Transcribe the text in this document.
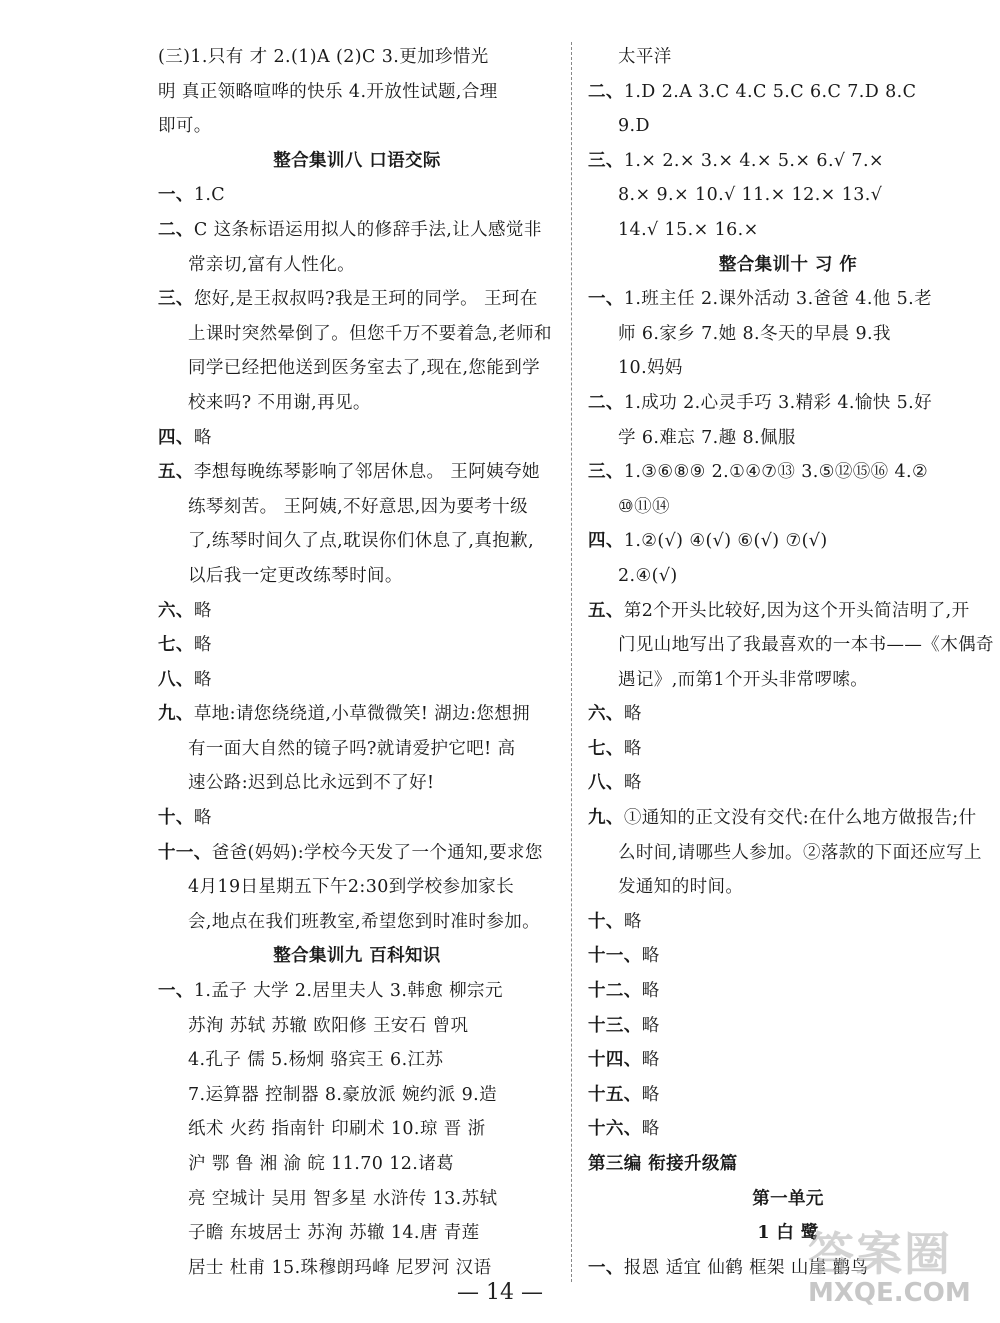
(三)1.只有 才 2.(1)A (2)C 3.更加珍惜光
明 真正领略喧哗的快乐 4.开放性试题,合理
即可。
整合集训八 口语交际
一、1.C
二、C 这条标语运用拟人的修辞手法,让人感觉非
常亲切,富有人性化。
三、您好,是王叔叔吗?我是王珂的同学。 王珂在
上课时突然晕倒了。但您千万不要着急,老师和
同学已经把他送到医务室去了,现在,您能到学
校来吗? 不用谢,再见。
四、略
五、李想每晚练琴影响了邻居休息。 王阿姨夸她
练琴刻苦。 王阿姨,不好意思,因为要考十级
了,练琴时间久了点,耽误你们休息了,真抱歉,
以后我一定更改练琴时间。
六、略
七、略
八、略
九、草地:请您绕绕道,小草微微笑! 湖边:您想拥
有一面大自然的镜子吗?就请爱护它吧! 高
速公路:迟到总比永远到不了好!
十、略
十一、爸爸(妈妈):学校今天发了一个通知,要求您
4月19日星期五下午2:30到学校参加家长
会,地点在我们班教室,希望您到时准时参加。
整合集训九 百科知识
一、1.孟子 大学 2.居里夫人 3.韩愈 柳宗元
苏洵 苏轼 苏辙 欧阳修 王安石 曾巩
4.孔子 儒 5.杨炯 骆宾王 6.江苏
7.运算器 控制器 8.豪放派 婉约派 9.造
纸术 火药 指南针 印刷术 10.琼 晋 浙
沪 鄂 鲁 湘 渝 皖 11.70 12.诸葛
亮 空城计 吴用 智多星 水浒传 13.苏轼
子瞻 东坡居士 苏洵 苏辙 14.唐 青莲
居士 杜甫 15.珠穆朗玛峰 尼罗河 汉语
太平洋
二、1.D 2.A 3.C 4.C 5.C 6.C 7.D 8.C
9.D
三、1.× 2.× 3.× 4.× 5.× 6.√ 7.×
8.× 9.× 10.√ 11.× 12.× 13.√
14.√ 15.× 16.×
整合集训十 习 作
一、1.班主任 2.课外活动 3.爸爸 4.他 5.老
师 6.家乡 7.她 8.冬天的早晨 9.我
10.妈妈
二、1.成功 2.心灵手巧 3.精彩 4.愉快 5.好
学 6.难忘 7.趣 8.佩服
三、1.③⑥⑧⑨ 2.①④⑦⑬ 3.⑤⑫⑮⑯ 4.②
⑩⑪⑭
四、1.②(√) ④(√) ⑥(√) ⑦(√)
2.④(√)
五、第2个开头比较好,因为这个开头简洁明了,开
门见山地写出了我最喜欢的一本书——《木偶奇
遇记》,而第1个开头非常啰嗦。
六、略
七、略
八、略
九、①通知的正文没有交代:在什么地方做报告;什
么时间,请哪些人参加。②落款的下面还应写上
发通知的时间。
十、略
十一、略
十二、略
十三、略
十四、略
十五、略
十六、略
第三编 衔接升级篇
第一单元
1 白 鹭
一、报恩 适宜 仙鹤 框架 山崖 鹳鸟
— 14 —
答案圈
MXQE.COM
